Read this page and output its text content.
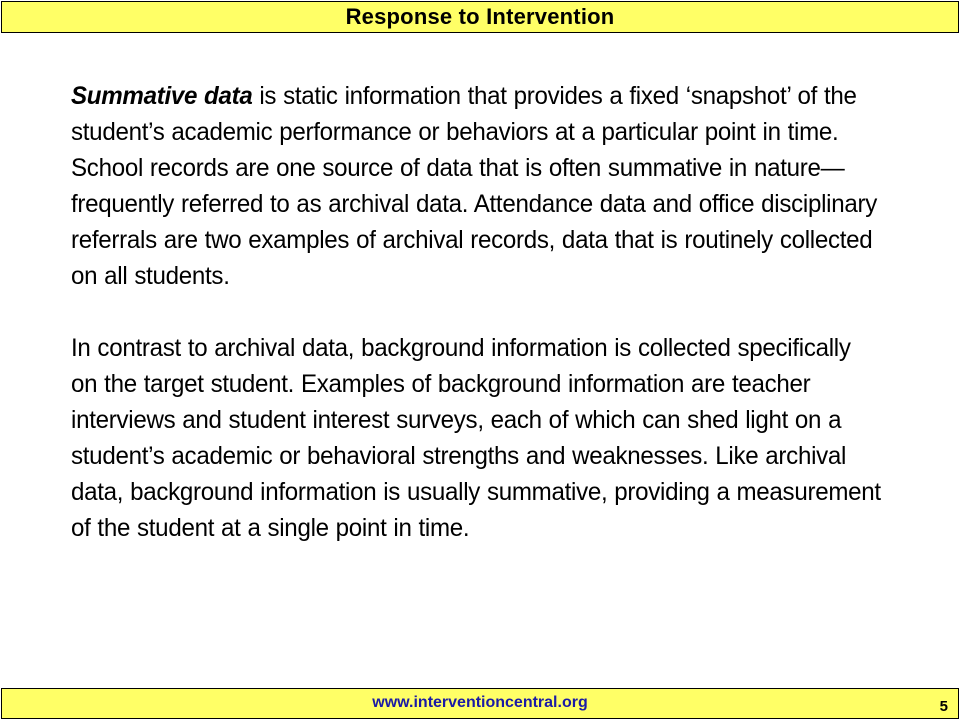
Response to Intervention

Summative data is static information that provides a fixed ‘snapshot’ of the student’s academic performance or behaviors at a particular point in time. School records are one source of data that is often summative in nature—frequently referred to as archival data. Attendance data and office disciplinary referrals are two examples of archival records, data that is routinely collected on all students.

In contrast to archival data, background information is collected specifically on the target student. Examples of background information are teacher interviews and student interest surveys, each of which can shed light on a student’s academic or behavioral strengths and weaknesses. Like archival data, background information is usually summative, providing a measurement of the student at a single point in time.

www.interventioncentral.org	5
